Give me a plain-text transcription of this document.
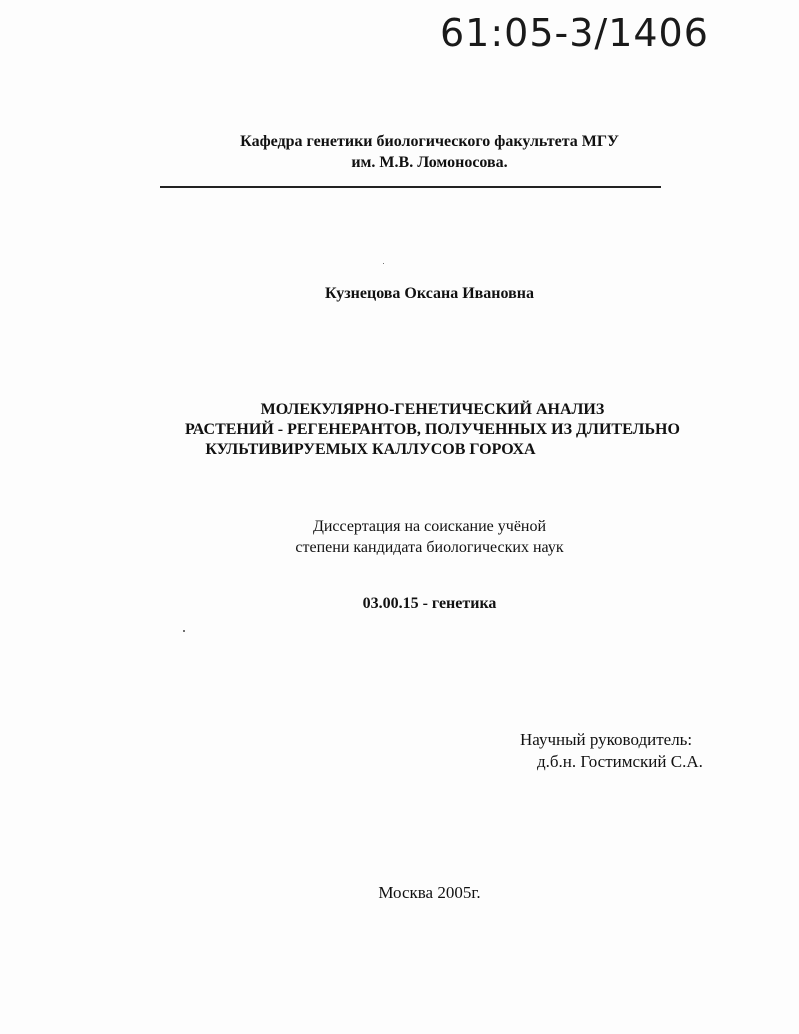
61:05-3/1406

Кафедра генетики биологического факультета МГУ
им. М.В. Ломоносова.

Кузнецова Оксана Ивановна

МОЛЕКУЛЯРНО-ГЕНЕТИЧЕСКИЙ АНАЛИЗ
РАСТЕНИЙ - РЕГЕНЕРАНТОВ, ПОЛУЧЕННЫХ ИЗ ДЛИТЕЛЬНО
КУЛЬТИВИРУЕМЫХ КАЛЛУСОВ ГОРОХА

Диссертация на соискание учёной
степени кандидата биологических наук

03.00.15 - генетика

Научный руководитель:
д.б.н. Гостимский С.А.

Москва 2005г.
